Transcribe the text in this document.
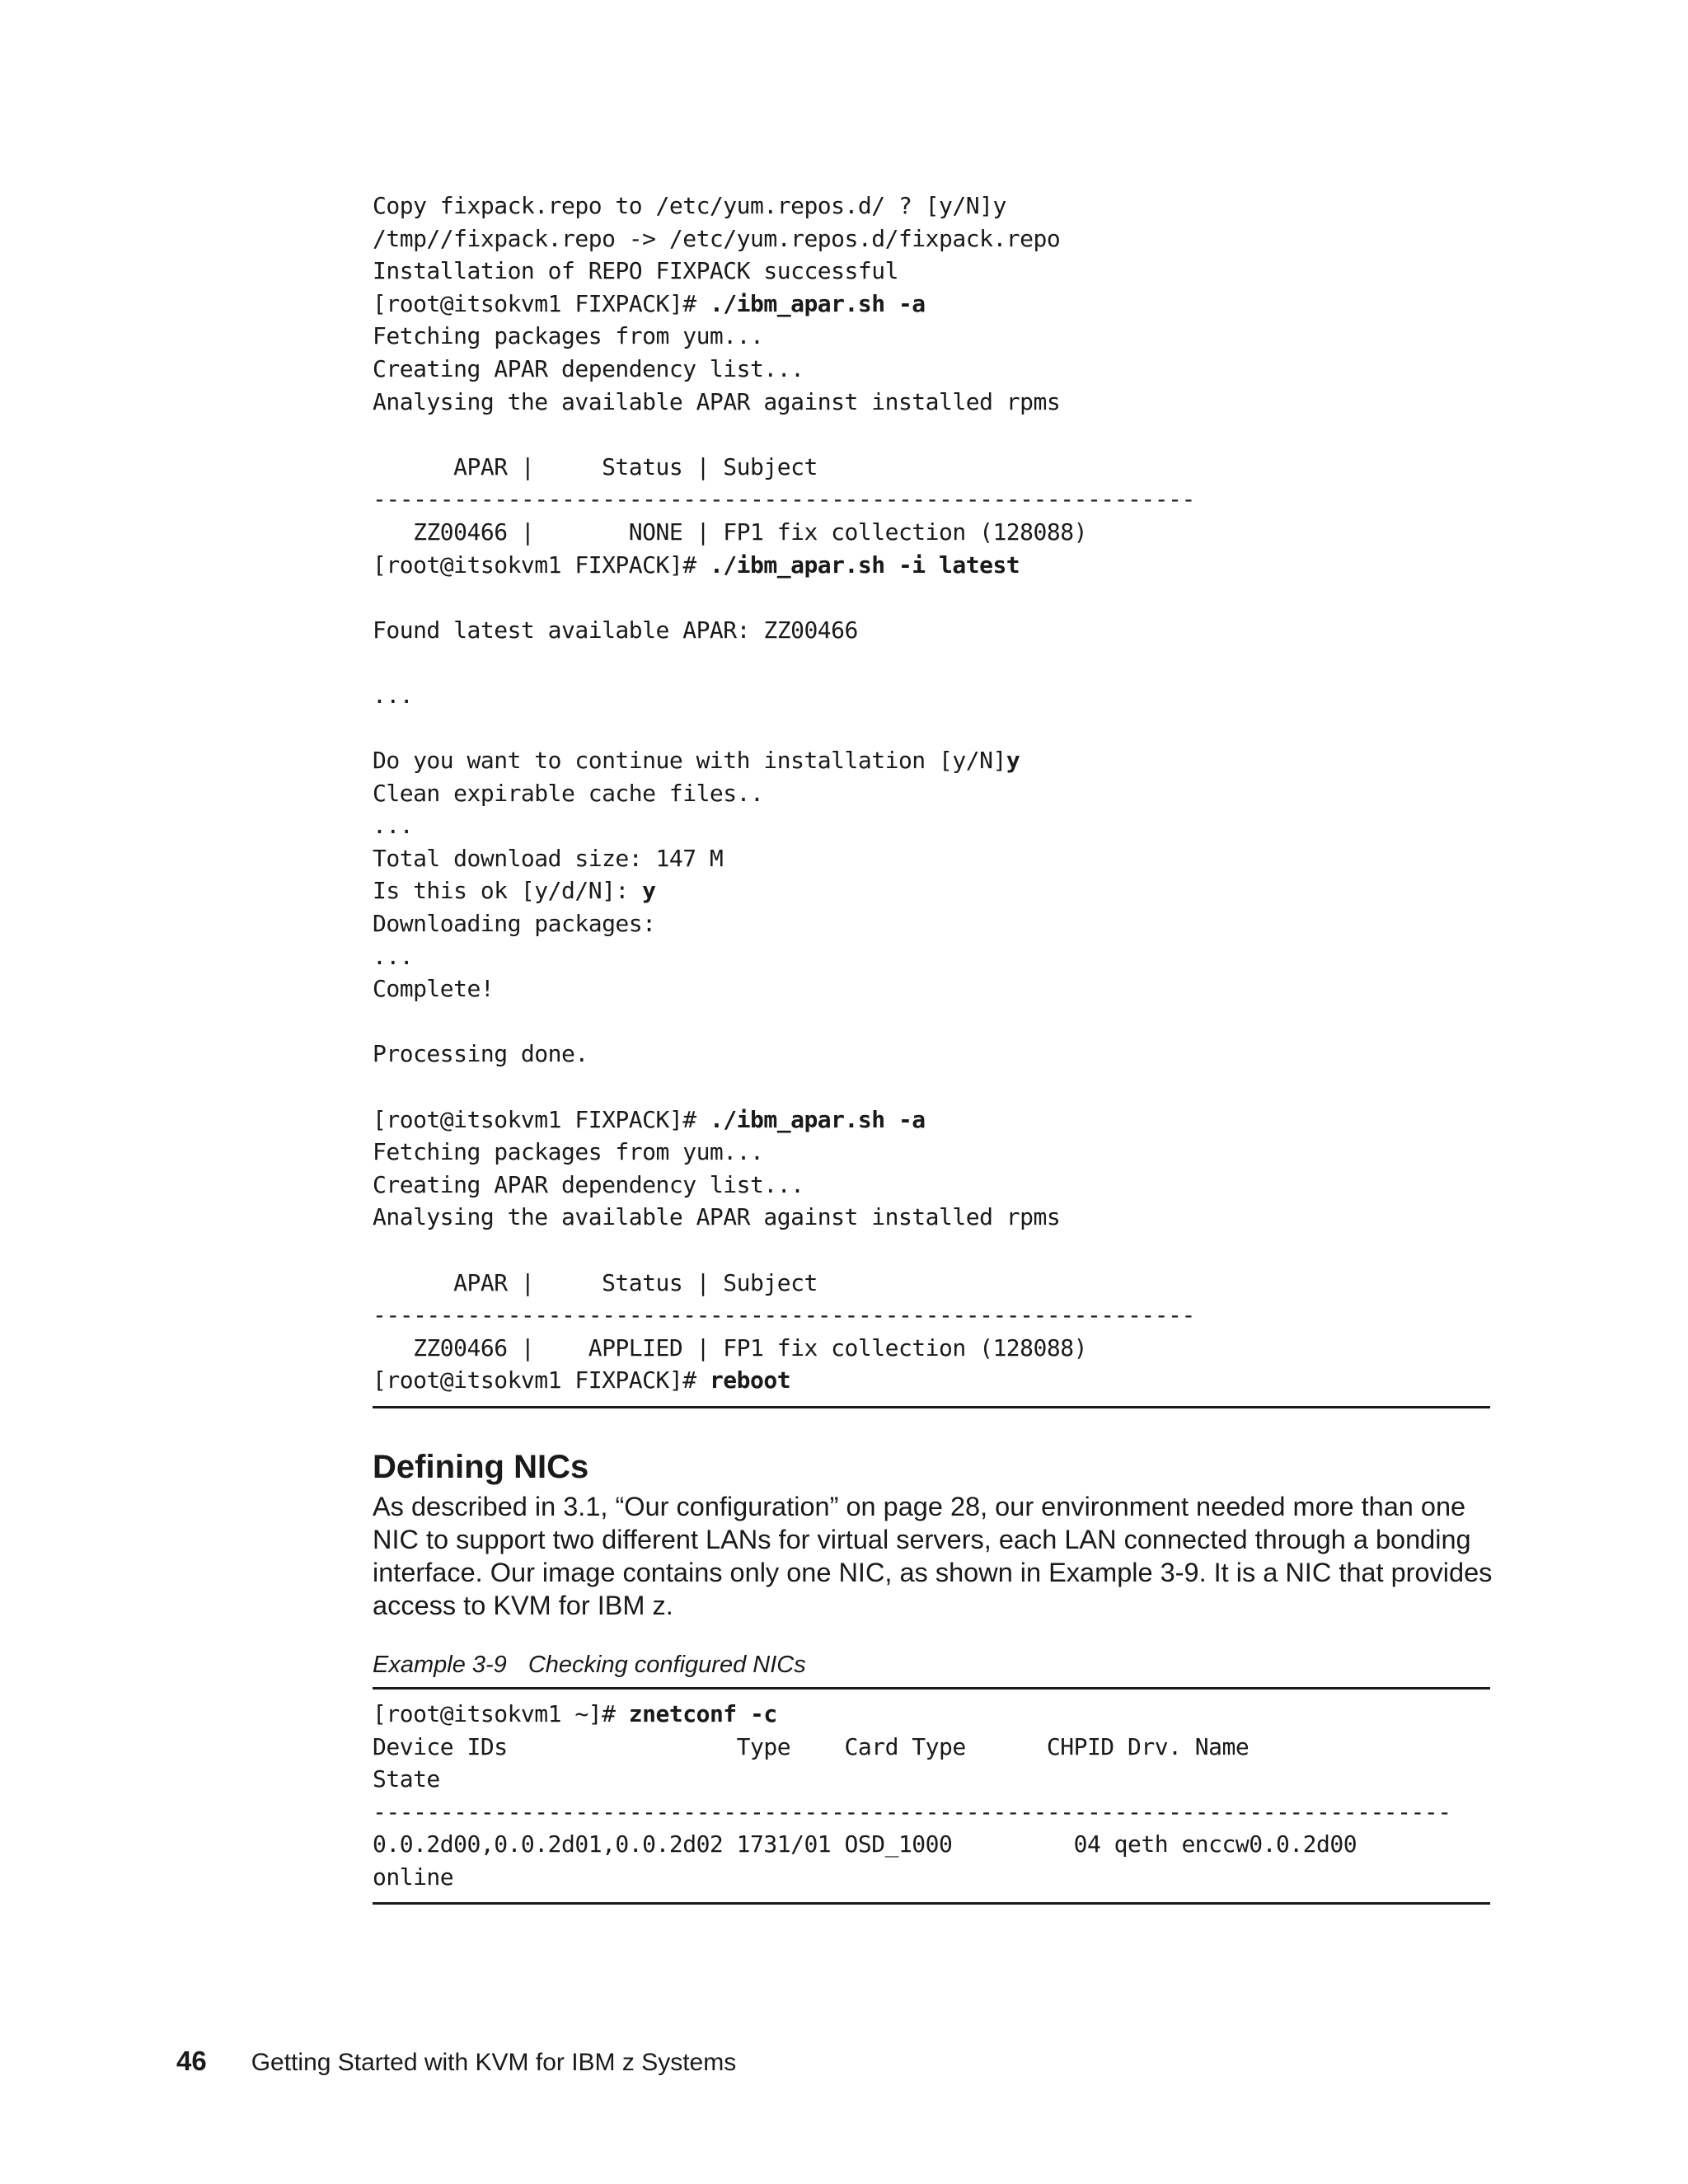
Copy fixpack.repo to /etc/yum.repos.d/ ? [y/N]y
/tmp//fixpack.repo -> /etc/yum.repos.d/fixpack.repo
Installation of REPO FIXPACK successful
[root@itsokvm1 FIXPACK]# ./ibm_apar.sh -a
Fetching packages from yum...
Creating APAR dependency list...
Analysing the available APAR against installed rpms
APAR |     Status | Subject
-------------------------------------------------------------
ZZ00466 |       NONE | FP1 fix collection (128088)
[root@itsokvm1 FIXPACK]# ./ibm_apar.sh -i latest
Found latest available APAR: ZZ00466
...
Do you want to continue with installation [y/N]y
Clean expirable cache files..
...
Total download size: 147 M
Is this ok [y/d/N]: y
Downloading packages:
...
Complete!
Processing done.
[root@itsokvm1 FIXPACK]# ./ibm_apar.sh -a
Fetching packages from yum...
Creating APAR dependency list...
Analysing the available APAR against installed rpms
APAR |     Status | Subject
-------------------------------------------------------------
ZZ00466 |    APPLIED | FP1 fix collection (128088)
[root@itsokvm1 FIXPACK]# reboot
Defining NICs

As described in 3.1, “Our configuration” on page 28, our environment needed more than one NIC to support two different LANs for virtual servers, each LAN connected through a bonding interface. Our image contains only one NIC, as shown in Example 3-9. It is a NIC that provides access to KVM for IBM z.

Example 3-9 Checking configured NICs
[root@itsokvm1 ~]# znetconf -c
Device IDs                 Type    Card Type      CHPID Drv. Name
State
--------------------------------------------------------------------------------
0.0.2d00,0.0.2d01,0.0.2d02 1731/01 OSD_1000         04 qeth enccw0.0.2d00
online
46 Getting Started with KVM for IBM z Systems
